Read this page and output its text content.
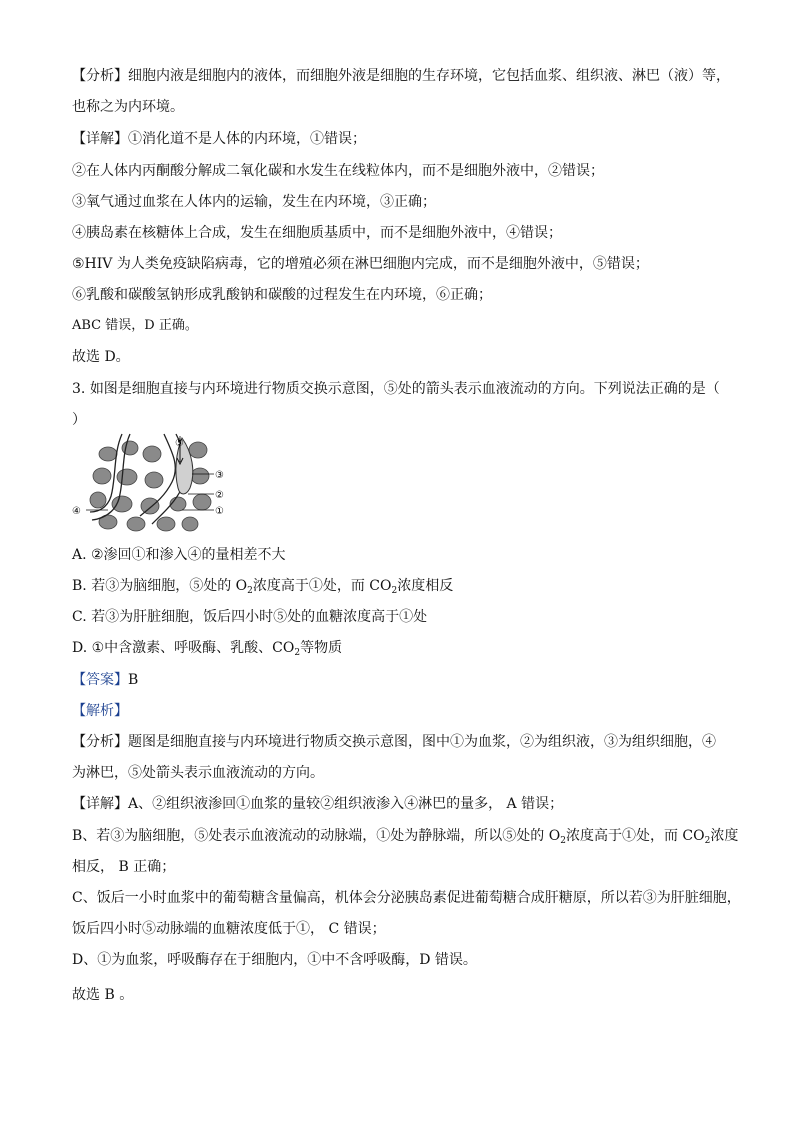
【分析】细胞内液是细胞内的液体，而细胞外液是细胞的生存环境，它包括血浆、组织液、淋巴（液）等，
也称之为内环境。
【详解】①消化道不是人体的内环境，①错误；
②在人体内丙酮酸分解成二氧化碳和水发生在线粒体内，而不是细胞外液中，②错误；
③氧气通过血浆在人体内的运输，发生在内环境，③正确；
④胰岛素在核糖体上合成，发生在细胞质基质中，而不是细胞外液中，④错误；
⑤HIV 为人类免疫缺陷病毒，它的增殖必须在淋巴细胞内完成，而不是细胞外液中，⑤错误；
⑥乳酸和碳酸氢钠形成乳酸钠和碳酸的过程发生在内环境，⑥正确；
ABC 错误，D 正确。
故选 D。
3. 如图是细胞直接与内环境进行物质交换示意图，⑤处的箭头表示血液流动的方向。下列说法正确的是（
）
⑤
③
②
④	①
A. ②渗回①和渗入④的量相差不大
B. 若③为脑细胞，⑤处的 $O_2$浓度高于①处，而 $CO_2$浓度相反
C. 若③为肝脏细胞，饭后四小时⑤处的血糖浓度高于①处
D. ①中含激素、呼吸酶、乳酸、$CO_2$等物质
【答案】B
【解析】
【分析】题图是细胞直接与内环境进行物质交换示意图，图中①为血浆，②为组织液，③为组织细胞，④
为淋巴，⑤处箭头表示血液流动的方向。
【详解】A、②组织液渗回①血浆的量较②组织液渗入④淋巴的量多， A 错误；
B、若③为脑细胞，⑤处表示血液流动的动脉端，①处为静脉端，所以⑤处的 $O_2$浓度高于①处，而 $CO_2$浓度
相反， B 正确；
C、饭后一小时血浆中的葡萄糖含量偏高，机体会分泌胰岛素促进葡萄糖合成肝糖原，所以若③为肝脏细胞，
饭后四小时⑤动脉端的血糖浓度低于①， C 错误；
D、①为血浆，呼吸酶存在于细胞内，①中不含呼吸酶，D 错误。
故选 B 。
